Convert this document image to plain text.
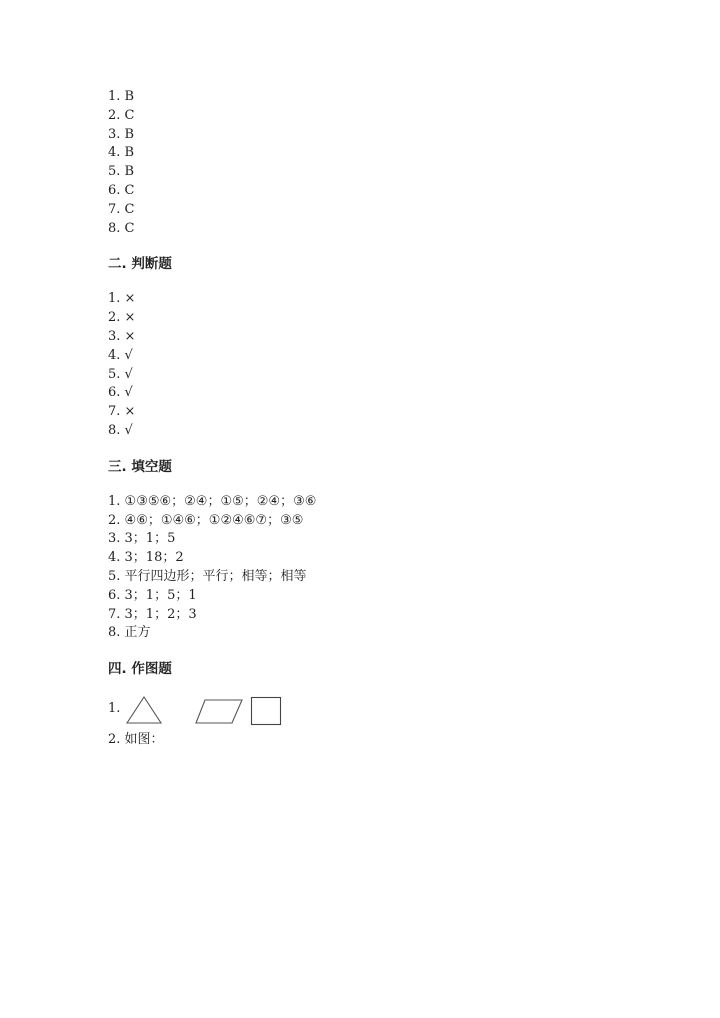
1. B
2. C
3. B
4. B
5. B
6. C
7. C
8. C
二. 判断题
1. ×
2. ×
3. ×
4. √
5. √
6. √
7. ×
8. √
三. 填空题
1. ①③⑤⑥；②④；①⑤；②④；③⑥
2. ④⑥；①④⑥；①②④⑥⑦；③⑤
3. 3；1；5
4. 3；18；2
5. 平行四边形；平行；相等；相等
6. 3；1；5；1
7. 3；1；2；3
8. 正方
四. 作图题
1.
2. 如图：
